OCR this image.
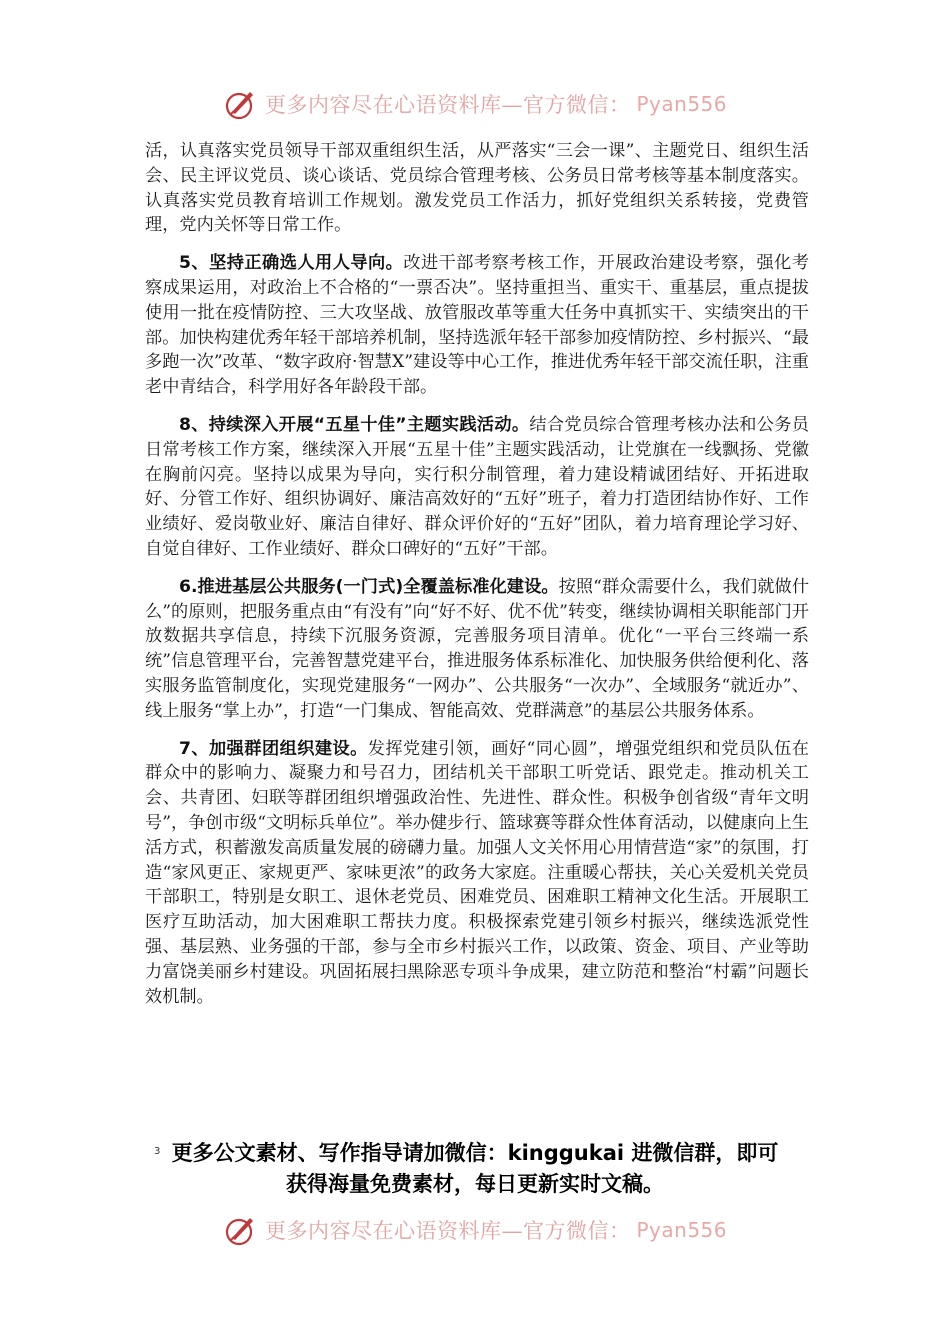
更多内容尽在心语资料库—官方微信： Pyan556

活，认真落实党员领导干部双重组织生活，从严落实“三会一课”、主题党日、组织生活会、民主评议党员、谈心谈话、党员综合管理考核、公务员日常考核等基本制度落实。认真落实党员教育培训工作规划。激发党员工作活力，抓好党组织关系转接，党费管理，党内关怀等日常工作。

5、坚持正确选人用人导向。改进干部考察考核工作，开展政治建设考察，强化考察成果运用，对政治上不合格的“一票否决”。坚持重担当、重实干、重基层，重点提拔使用一批在疫情防控、三大攻坚战、放管服改革等重大任务中真抓实干、实绩突出的干部。加快构建优秀年轻干部培养机制，坚持选派年轻干部参加疫情防控、乡村振兴、“最多跑一次”改革、“数字政府·智慧X”建设等中心工作，推进优秀年轻干部交流任职，注重老中青结合，科学用好各年龄段干部。

8、持续深入开展“五星十佳”主题实践活动。结合党员综合管理考核办法和公务员日常考核工作方案，继续深入开展“五星十佳”主题实践活动，让党旗在一线飘扬、党徽在胸前闪亮。坚持以成果为导向，实行积分制管理，着力建设精诚团结好、开拓进取好、分管工作好、组织协调好、廉洁高效好的“五好”班子，着力打造团结协作好、工作业绩好、爱岗敬业好、廉洁自律好、群众评价好的“五好”团队，着力培育理论学习好、自觉自律好、工作业绩好、群众口碑好的“五好”干部。

6.推进基层公共服务(一门式)全覆盖标准化建设。按照“群众需要什么，我们就做什么”的原则，把服务重点由“有没有”向“好不好、优不优”转变，继续协调相关职能部门开放数据共享信息，持续下沉服务资源，完善服务项目清单。优化“一平台三终端一系统”信息管理平台，完善智慧党建平台，推进服务体系标准化、加快服务供给便利化、落实服务监管制度化，实现党建服务“一网办”、公共服务“一次办”、全域服务“就近办”、线上服务“掌上办”，打造“一门集成、智能高效、党群满意”的基层公共服务体系。

7、加强群团组织建设。发挥党建引领，画好“同心圆”，增强党组织和党员队伍在群众中的影响力、凝聚力和号召力，团结机关干部职工听党话、跟党走。推动机关工会、共青团、妇联等群团组织增强政治性、先进性、群众性。积极争创省级“青年文明号”，争创市级“文明标兵单位”。举办健步行、篮球赛等群众性体育活动，以健康向上生活方式，积蓄激发高质量发展的磅礴力量。加强人文关怀用心用情营造“家”的氛围，打造“家风更正、家规更严、家味更浓”的政务大家庭。注重暖心帮扶，关心关爱机关党员干部职工，特别是女职工、退休老党员、困难党员、困难职工精神文化生活。开展职工医疗互助活动，加大困难职工帮扶力度。积极探索党建引领乡村振兴，继续选派党性强、基层熟、业务强的干部，参与全市乡村振兴工作，以政策、资金、项目、产业等助力富饶美丽乡村建设。巩固拓展扫黑除恶专项斗争成果，建立防范和整治“村霸”问题长效机制。

3 更多公文素材、写作指导请加微信：kinggukai 进微信群，即可
获得海量免费素材，每日更新实时文稿。
更多内容尽在心语资料库—官方微信： Pyan556
